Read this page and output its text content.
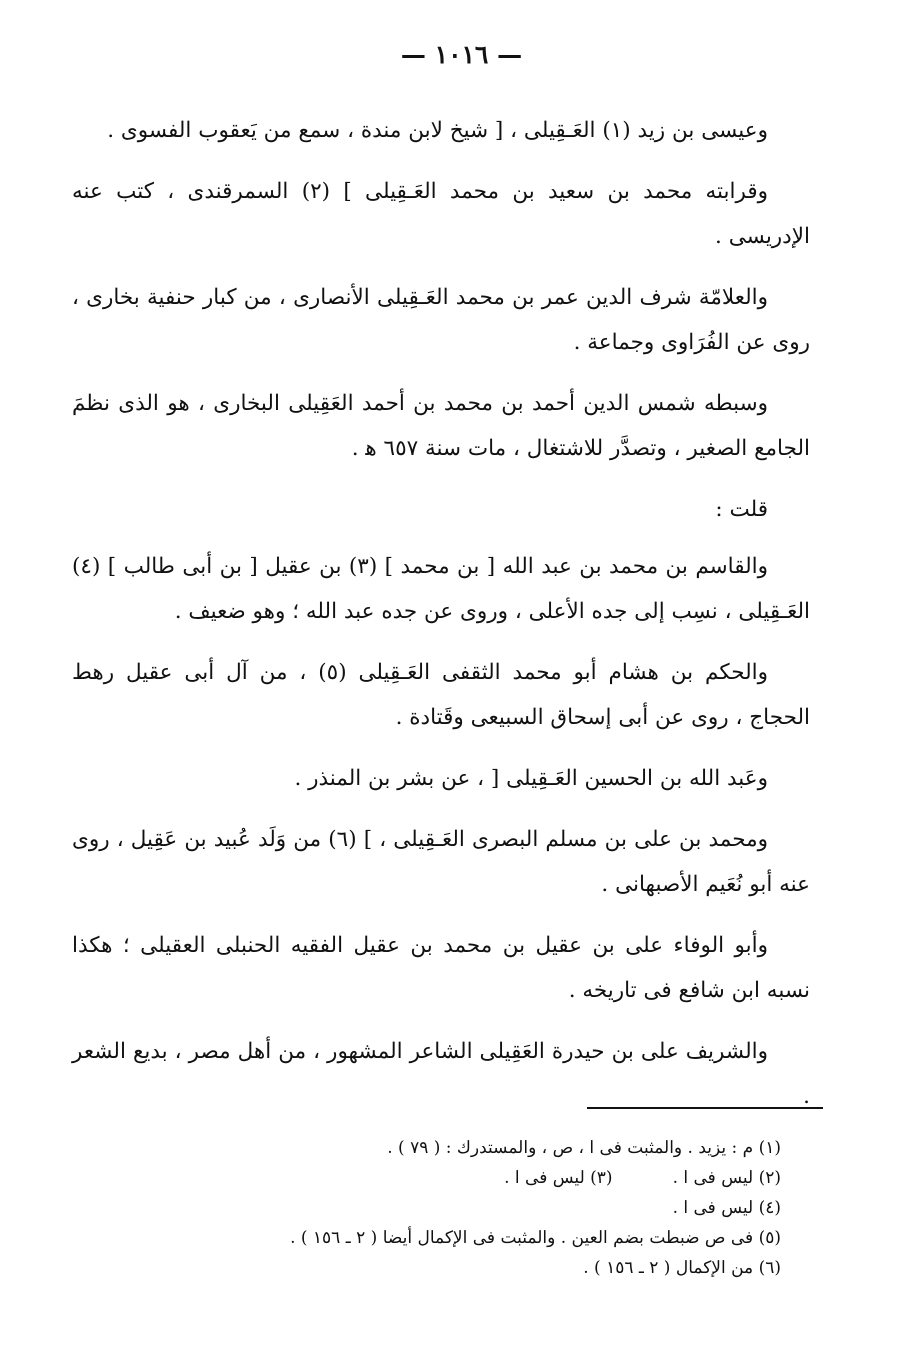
— ١٠١٦ —

وعيسى بن زيد (١) العَـقِيلى ، [ شيخ لابن مندة ، سمع من يَعقوب الفسوى .

وقرابته محمد بن سعيد بن محمد العَـقِيلى ] (٢) السمرقندى ، كتب عنه الإدريسى .

والعلامّة شرف الدين عمر بن محمد العَـقِيلى الأنصارى ، من كبار حنفية بخارى ، روى عن الفُرَاوى وجماعة .

وسبطه شمس الدين أحمد بن محمد بن أحمد العَقِيلى البخارى ، هو الذى نظمَ الجامع الصغير ، وتصدَّر للاشتغال ، مات سنة ٦٥٧ ﻫ .

قلت :

والقاسم بن محمد بن عبد الله [ بن محمد ] (٣) بن عقيل [ بن أبى طالب ] (٤) العَـقِيلى ، نسِب إلى جده الأعلى ، وروى عن جده عبد الله ؛ وهو ضعيف .

والحكم بن هشام أبو محمد الثقفى العَـقِيلى (٥) ، من آل أبى عقيل رهط الحجاج ، روى عن أبى إسحاق السبيعى وقَتادة .

وعَبد الله بن الحسين العَـقِيلى [ ، عن بشر بن المنذر .

ومحمد بن على بن مسلم البصرى العَـقِيلى ، ] (٦) من وَلَد عُبيد بن عَقِيل ، روى عنه أبو نُعَيم الأصبهانى .

وأبو الوفاء على بن عقيل بن محمد بن عقيل الفقيه الحنبلى العقيلى ؛ هكذا نسبه ابن شافع فى تاريخه .

والشريف على بن حيدرة العَقِيلى الشاعر المشهور ، من أهل مصر ، بديع الشعر .

(١) م : يزيد . والمثبت فى ا ، ص ، والمستدرك : ( ٧٩ ) .

(٢) ليس فى ا .(٣) ليس فى ا .

(٤) ليس فى ا .

(٥) فى ص ضبطت بضم العين . والمثبت فى الإكمال أيضا ( ٢ ـ ١٥٦ ) .

(٦) من الإكمال ( ٢ ـ ١٥٦ ) .
